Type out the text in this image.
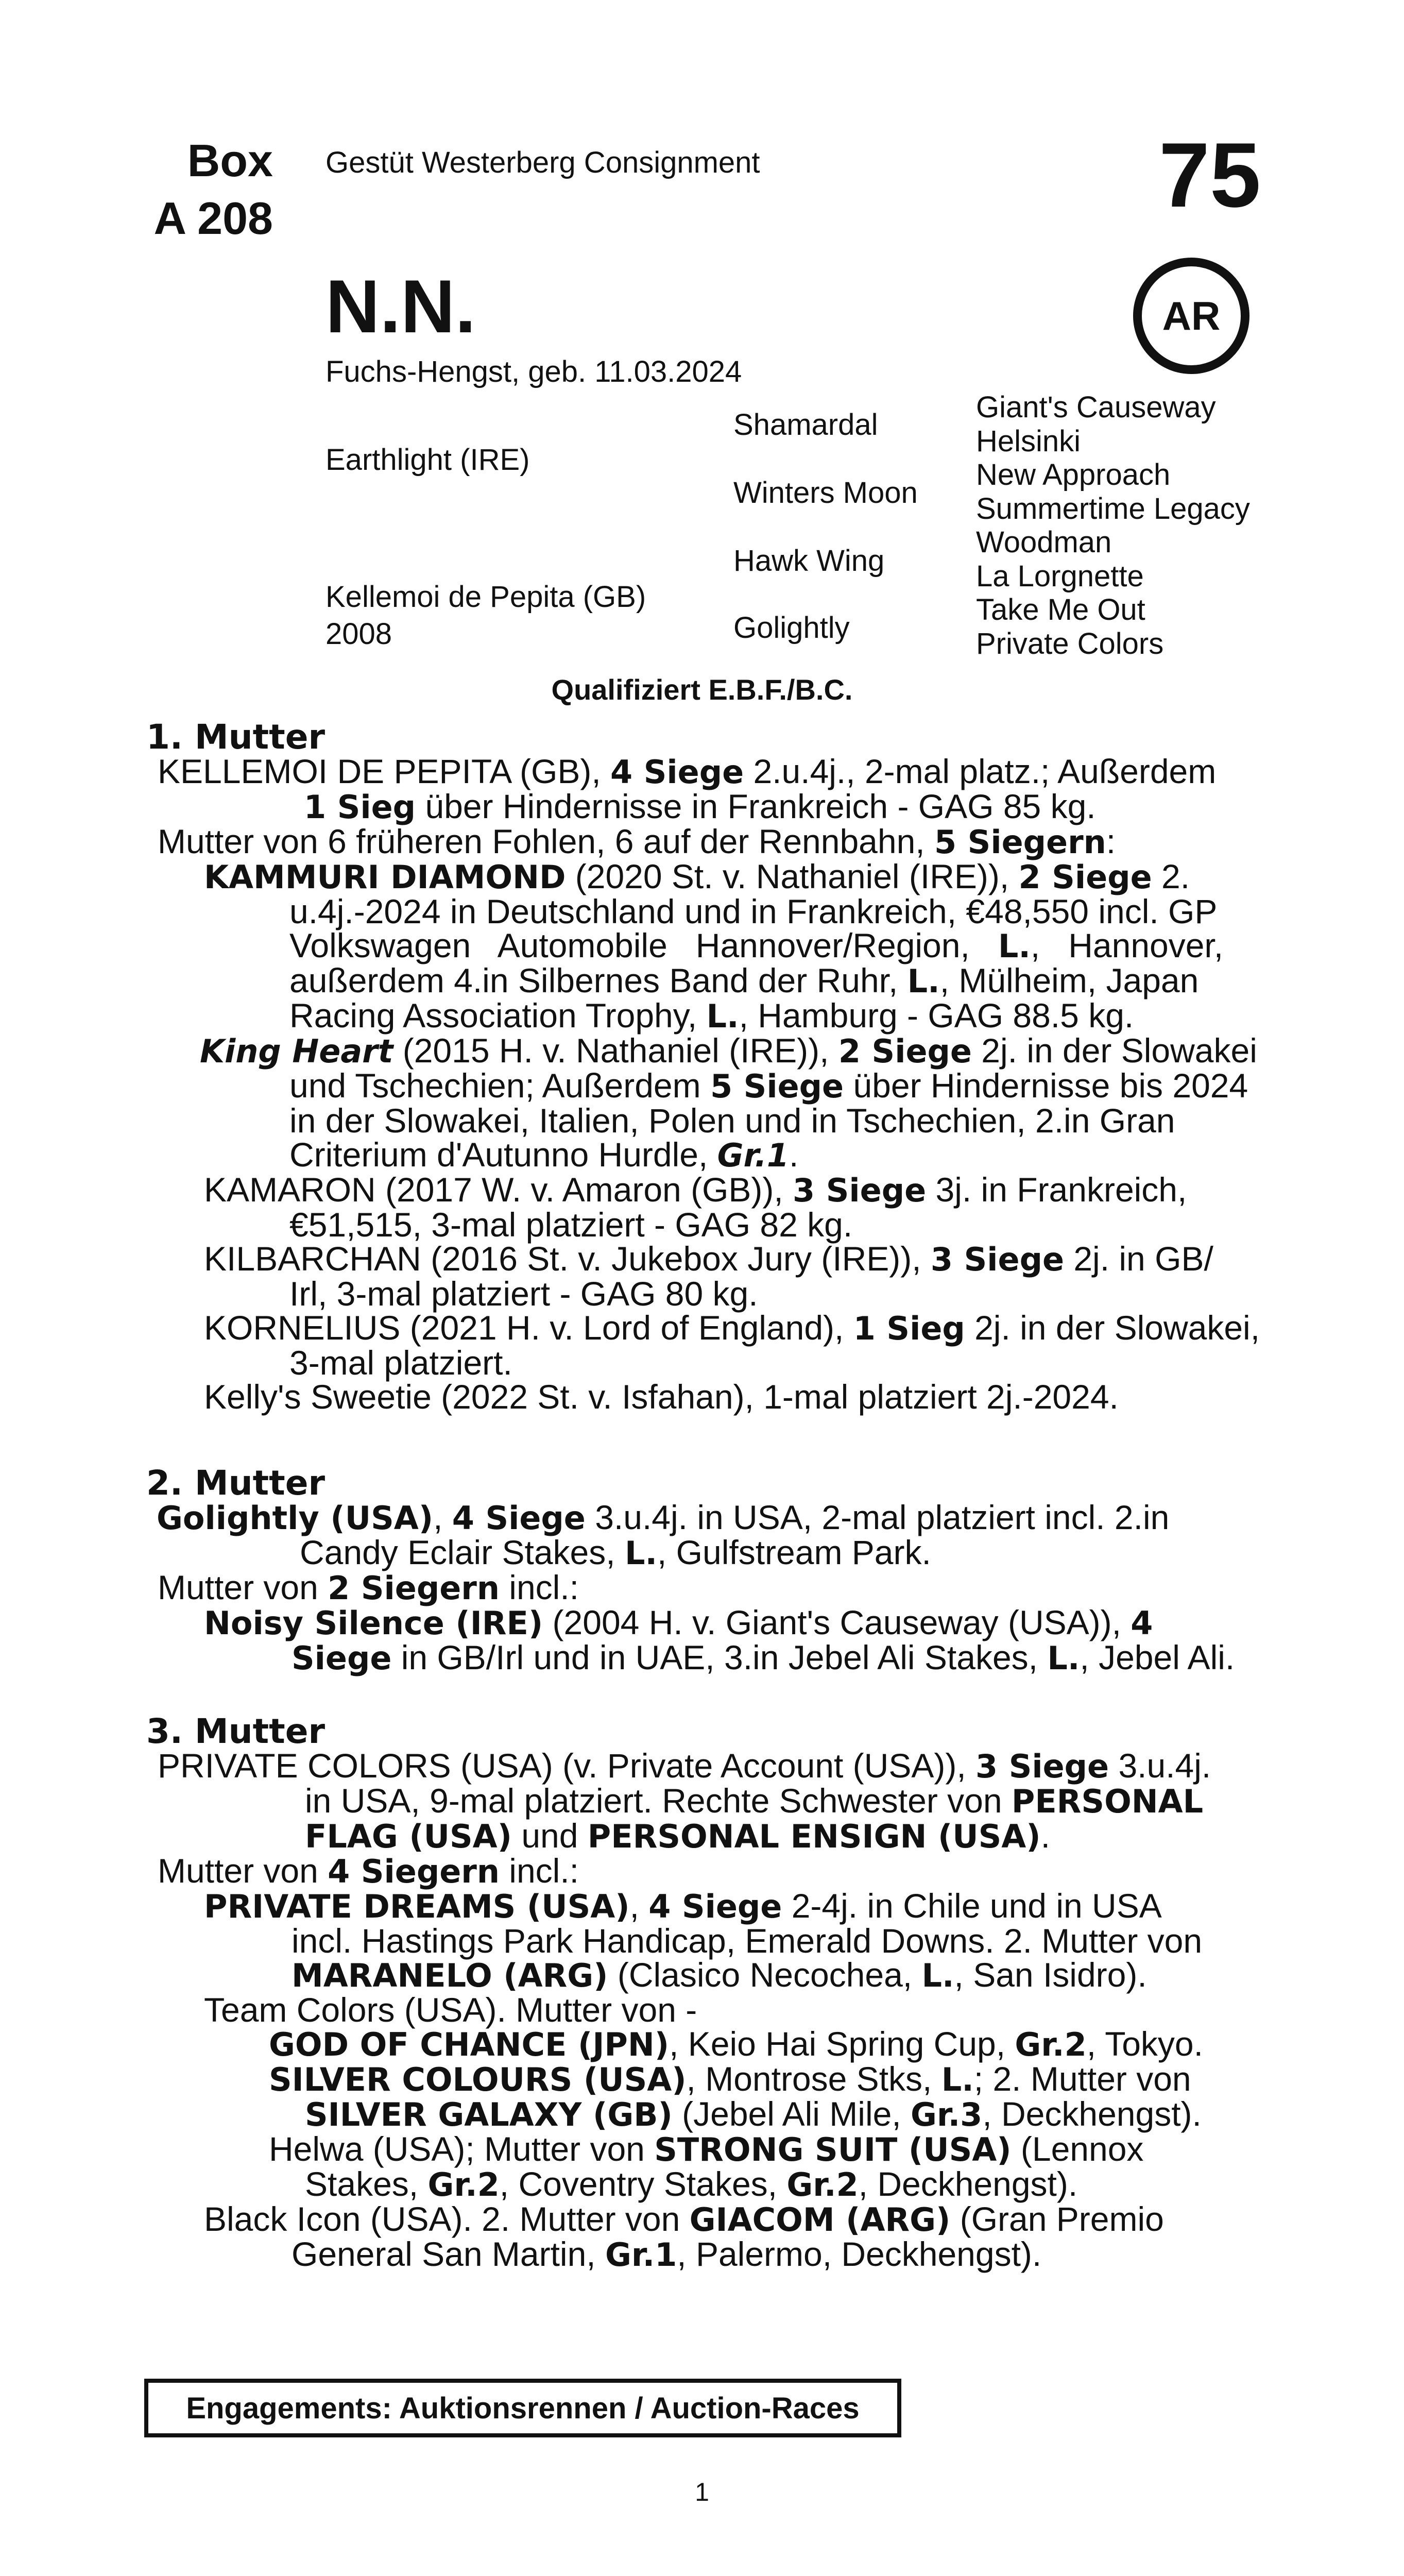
Box
A 208
Gestüt Westerberg Consignment	75
N.N.	AR
Fuchs-Hengst, geb. 11.03.2024
Earthlight (IRE)
Kellemoi de Pepita (GB)
2008
Shamardal
Winters Moon
Hawk Wing
Golightly
Giant's Causeway
Helsinki
New Approach
Summertime Legacy
Woodman
La Lorgnette
Take Me Out
Private Colors
Qualifiziert E.B.F./B.C.
1. Mutter
KELLEMOI DE PEPITA (GB), 4 Siege 2.u.4j., 2-mal platz.; Außerdem
1 Sieg über Hindernisse in Frankreich - GAG 85 kg.
Mutter von 6 früheren Fohlen, 6 auf der Rennbahn, 5 Siegern:
KAMMURI DIAMOND (2020 St. v. Nathaniel (IRE)), 2 Siege 2.
u.4j.-2024 in Deutschland und in Frankreich, €48,550 incl. GP
Volkswagen   Automobile   Hannover/Region,   L.,   Hannover,
außerdem 4.in Silbernes Band der Ruhr, L., Mülheim, Japan
Racing Association Trophy, L., Hamburg - GAG 88.5 kg.
King Heart (2015 H. v. Nathaniel (IRE)), 2 Siege 2j. in der Slowakei
und Tschechien; Außerdem 5 Siege über Hindernisse bis 2024
in der Slowakei, Italien, Polen und in Tschechien, 2.in Gran
Criterium d'Autunno Hurdle, Gr.1.
KAMARON (2017 W. v. Amaron (GB)), 3 Siege 3j. in Frankreich,
€51,515, 3-mal platziert - GAG 82 kg.
KILBARCHAN (2016 St. v. Jukebox Jury (IRE)), 3 Siege 2j. in GB/
Irl, 3-mal platziert - GAG 80 kg.
KORNELIUS (2021 H. v. Lord of England), 1 Sieg 2j. in der Slowakei,
3-mal platziert.
Kelly's Sweetie (2022 St. v. Isfahan), 1-mal platziert 2j.-2024.
2. Mutter
Golightly (USA), 4 Siege 3.u.4j. in USA, 2-mal platziert incl. 2.in
Candy Eclair Stakes, L., Gulfstream Park.
Mutter von 2 Siegern incl.:
Noisy Silence (IRE) (2004 H. v. Giant's Causeway (USA)), 4
Siege in GB/Irl und in UAE, 3.in Jebel Ali Stakes, L., Jebel Ali.
3. Mutter
PRIVATE COLORS (USA) (v. Private Account (USA)), 3 Siege 3.u.4j.
in USA, 9-mal platziert. Rechte Schwester von PERSONAL
FLAG (USA) und PERSONAL ENSIGN (USA).
Mutter von 4 Siegern incl.:
PRIVATE DREAMS (USA), 4 Siege 2-4j. in Chile und in USA
incl. Hastings Park Handicap, Emerald Downs. 2. Mutter von
MARANELO (ARG) (Clasico Necochea, L., San Isidro).
Team Colors (USA). Mutter von -
GOD OF CHANCE (JPN), Keio Hai Spring Cup, Gr.2, Tokyo.
SILVER COLOURS (USA), Montrose Stks, L.; 2. Mutter von
SILVER GALAXY (GB) (Jebel Ali Mile, Gr.3, Deckhengst).
Helwa (USA); Mutter von STRONG SUIT (USA) (Lennox
Stakes, Gr.2, Coventry Stakes, Gr.2, Deckhengst).
Black Icon (USA). 2. Mutter von GIACOM (ARG) (Gran Premio
General San Martin, Gr.1, Palermo, Deckhengst).
Engagements: Auktionsrennen / Auction-Races
1
